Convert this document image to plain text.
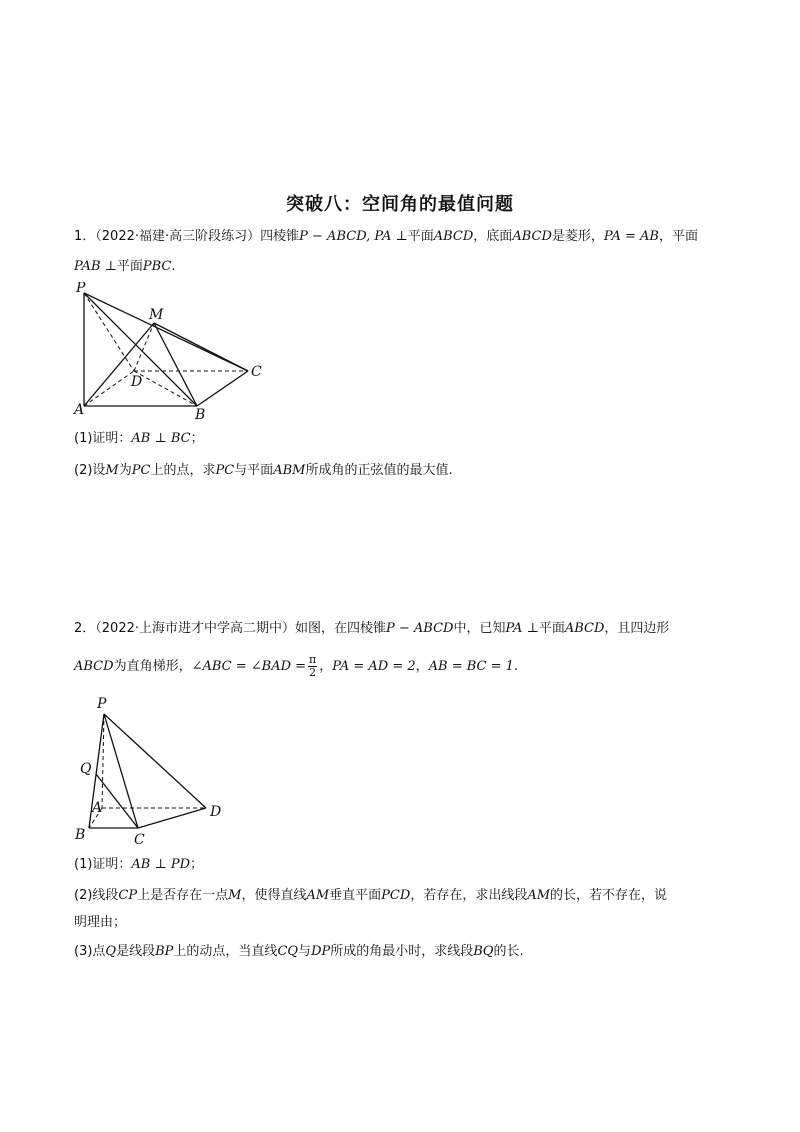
突破八：空间角的最值问题
1．（2022·福建·高三阶段练习）四棱锥P − ABCD, PA ⊥平面ABCD，底面ABCD是菱形，PA = AB，平面
PAB ⊥平面PBC.
P
M
D
C
A	B
(1)证明：AB ⊥ BC；
(2)设M为PC上的点，求PC与平面ABM所成角的正弦值的最大值.
2．（2022·上海市进才中学高二期中）如图，在四棱锥P − ABCD中，已知PA ⊥平面ABCD，且四边形
ABCD为直角梯形，∠ABC = ∠BAD = $\frac{\pi}{2}$ ，PA = AD = 2，AB = BC = 1.
P
Q
A	D
B	C
(1)证明：AB ⊥ PD；
(2)线段CP上是否存在一点M，使得直线AM垂直平面PCD，若存在，求出线段AM的长，若不存在，说
明理由；
(3)点Q是线段BP上的动点，当直线CQ与DP所成的角最小时，求线段BQ的长.
